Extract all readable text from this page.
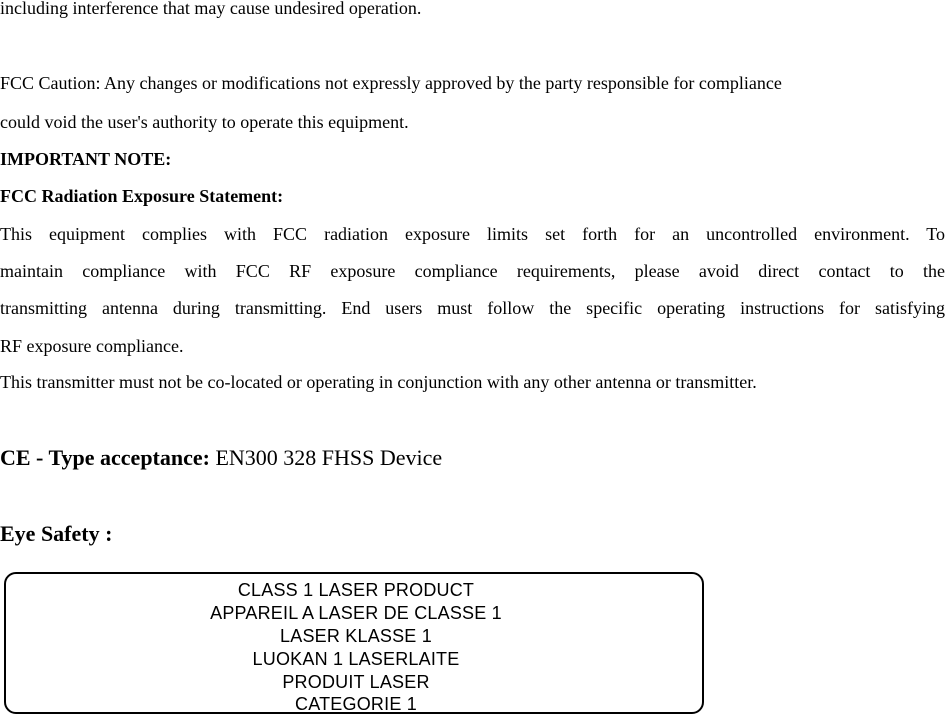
including interference that may cause undesired operation.
FCC Caution: Any changes or modifications not expressly approved by the party responsible for compliance
could void the user's authority to operate this equipment.
IMPORTANT NOTE:
FCC Radiation Exposure Statement:
This equipment complies with FCC radiation exposure limits set forth for an uncontrolled environment. To
maintain compliance with FCC RF exposure compliance requirements, please avoid direct contact to the
transmitting antenna during transmitting. End users must follow the specific operating instructions for satisfying
RF exposure compliance.
This transmitter must not be co-located or operating in conjunction with any other antenna or transmitter.
CE - Type acceptance: EN300 328 FHSS Device
Eye Safety :
CLASS 1 LASER PRODUCT
APPAREIL A LASER DE CLASSE 1
LASER KLASSE 1
LUOKAN 1 LASERLAITE
PRODUIT LASER
CATEGORIE 1
